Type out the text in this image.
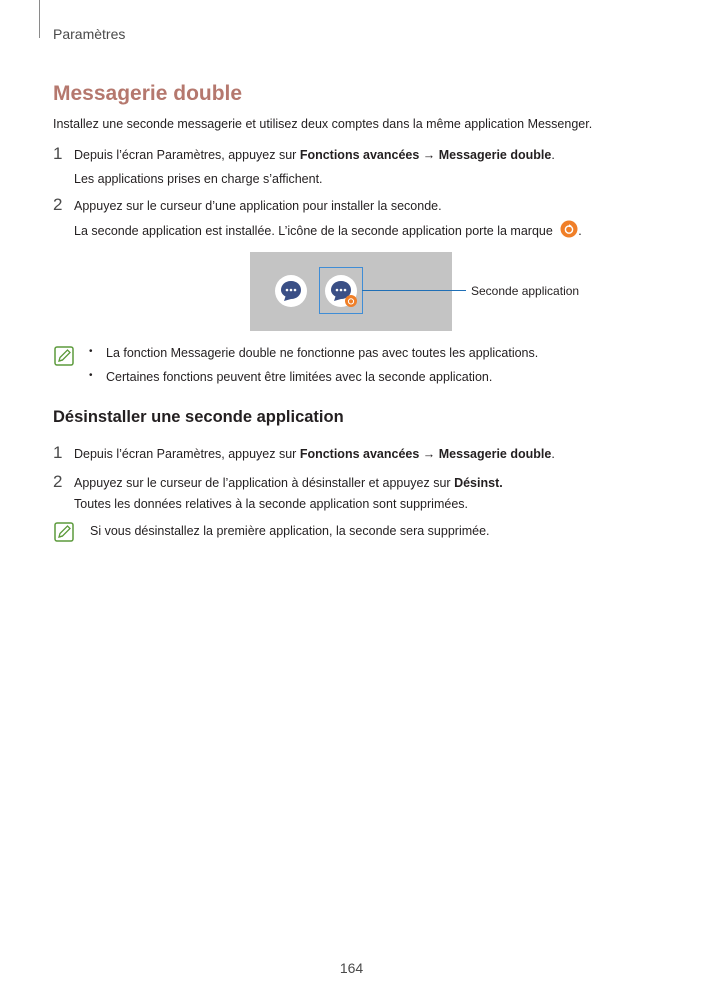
Paramètres
Messagerie double
Installez une seconde messagerie et utilisez deux comptes dans la même application Messenger.
1 Depuis l’écran Paramètres, appuyez sur Fonctions avancées → Messagerie double.
Les applications prises en charge s’affichent.
2 Appuyez sur le curseur d’une application pour installer la seconde.
La seconde application est installée. L’icône de la seconde application porte la marque .
Seconde application
• La fonction Messagerie double ne fonctionne pas avec toutes les applications.
• Certaines fonctions peuvent être limitées avec la seconde application.
Désinstaller une seconde application
1 Depuis l’écran Paramètres, appuyez sur Fonctions avancées → Messagerie double.
2 Appuyez sur le curseur de l’application à désinstaller et appuyez sur Désinst.
Toutes les données relatives à la seconde application sont supprimées.
Si vous désinstallez la première application, la seconde sera supprimée.
164
